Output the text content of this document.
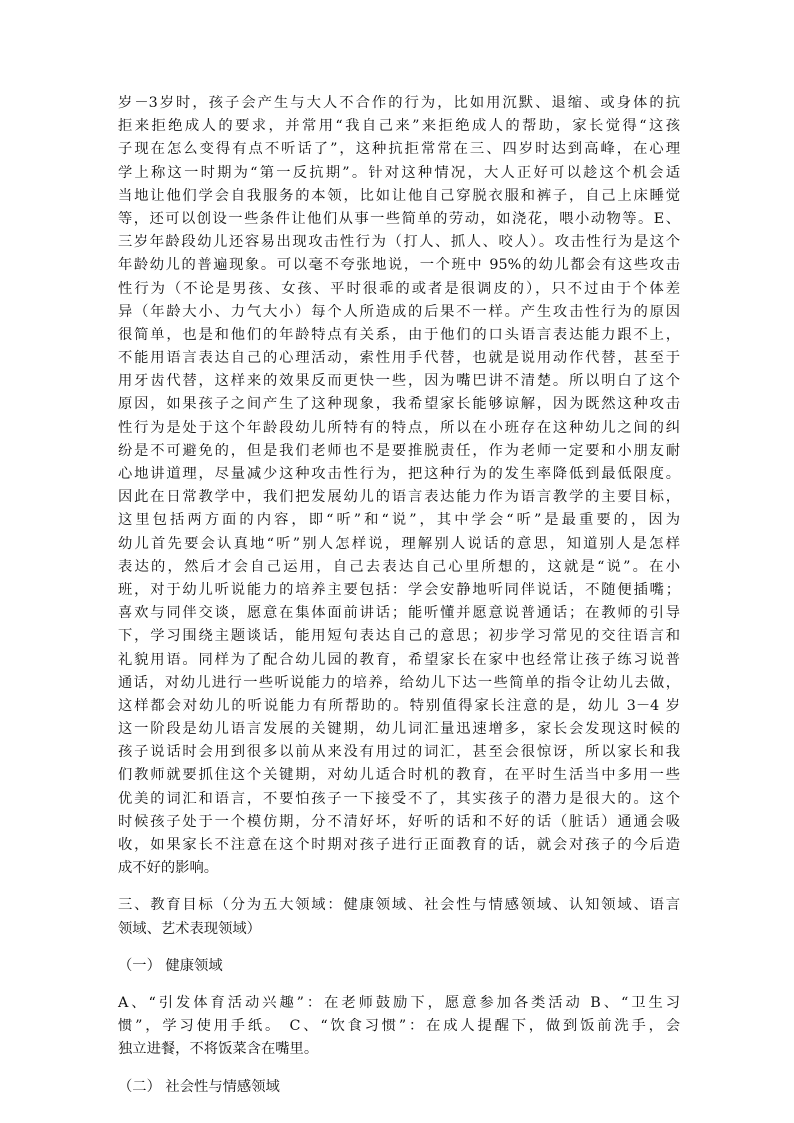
岁－3岁时，孩子会产生与大人不合作的行为，比如用沉默、退缩、或身体的抗
拒来拒绝成人的要求，并常用“我自己来”来拒绝成人的帮助，家长觉得“这孩
子现在怎么变得有点不听话了”，这种抗拒常常在三、四岁时达到高峰，在心理
学上称这一时期为“第一反抗期”。针对这种情况，大人正好可以趁这个机会适
当地让他们学会自我服务的本领，比如让他自己穿脱衣服和裤子，自己上床睡觉
等，还可以创设一些条件让他们从事一些简单的劳动，如浇花，喂小动物等。E、
三岁年龄段幼儿还容易出现攻击性行为（打人、抓人、咬人）。攻击性行为是这个
年龄幼儿的普遍现象。可以毫不夸张地说，一个班中 95%的幼儿都会有这些攻击
性行为（不论是男孩、女孩、平时很乖的或者是很调皮的），只不过由于个体差
异（年龄大小、力气大小）每个人所造成的后果不一样。产生攻击性行为的原因
很简单，也是和他们的年龄特点有关系，由于他们的口头语言表达能力跟不上，
不能用语言表达自己的心理活动，索性用手代替，也就是说用动作代替，甚至于
用牙齿代替，这样来的效果反而更快一些，因为嘴巴讲不清楚。所以明白了这个
原因，如果孩子之间产生了这种现象，我希望家长能够谅解，因为既然这种攻击
性行为是处于这个年龄段幼儿所特有的特点，所以在小班存在这种幼儿之间的纠
纷是不可避免的，但是我们老师也不是要推脱责任，作为老师一定要和小朋友耐
心地讲道理，尽量减少这种攻击性行为，把这种行为的发生率降低到最低限度。
因此在日常教学中，我们把发展幼儿的语言表达能力作为语言教学的主要目标，
这里包括两方面的内容，即“听”和“说”，其中学会“听”是最重要的，因为
幼儿首先要会认真地“听”别人怎样说，理解别人说话的意思，知道别人是怎样
表达的，然后才会自己运用，自己去表达自己心里所想的，这就是“说”。在小
班，对于幼儿听说能力的培养主要包括：学会安静地听同伴说话，不随便插嘴；
喜欢与同伴交谈，愿意在集体面前讲话；能听懂并愿意说普通话；在教师的引导
下，学习围绕主题谈话，能用短句表达自己的意思；初步学习常见的交往语言和
礼貌用语。同样为了配合幼儿园的教育，希望家长在家中也经常让孩子练习说普
通话，对幼儿进行一些听说能力的培养，给幼儿下达一些简单的指令让幼儿去做，
这样都会对幼儿的听说能力有所帮助的。特别值得家长注意的是，幼儿 3－4 岁
这一阶段是幼儿语言发展的关键期，幼儿词汇量迅速增多，家长会发现这时候的
孩子说话时会用到很多以前从来没有用过的词汇，甚至会很惊讶，所以家长和我
们教师就要抓住这个关键期，对幼儿适合时机的教育，在平时生活当中多用一些
优美的词汇和语言，不要怕孩子一下接受不了，其实孩子的潜力是很大的。这个
时候孩子处于一个模仿期，分不清好坏，好听的话和不好的话（脏话）通通会吸
收，如果家长不注意在这个时期对孩子进行正面教育的话，就会对孩子的今后造
成不好的影响。
三、教育目标（分为五大领域：健康领域、社会性与情感领域、认知领域、语言
领域、艺术表现领域）
（一） 健康领域
A、“引发体育活动兴趣”：在老师鼓励下，愿意参加各类活动 B、“卫生习
惯”，学习使用手纸。 C、“饮食习惯”：在成人提醒下，做到饭前洗手，会
独立进餐，不将饭菜含在嘴里。
（二） 社会性与情感领域
